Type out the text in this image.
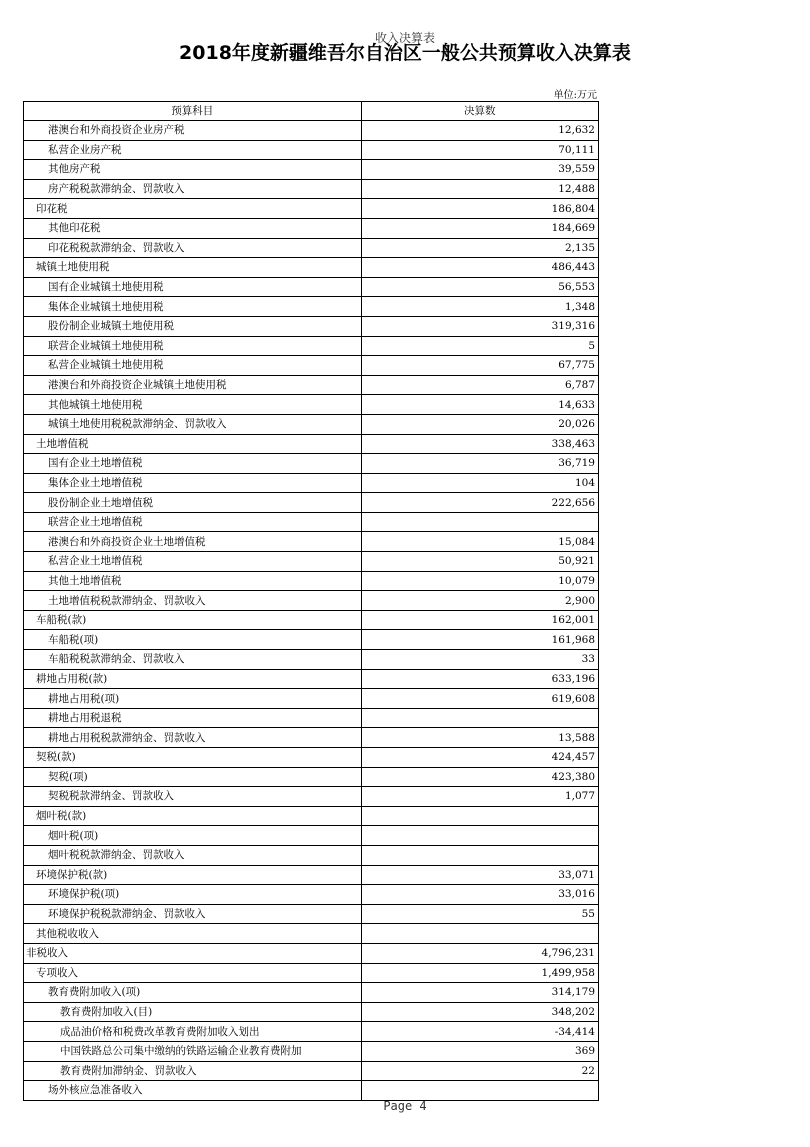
收入决算表
2018年度新疆维吾尔自治区一般公共预算收入决算表
单位:万元
预算科目	决算数
港澳台和外商投资企业房产税	12,632
私营企业房产税	70,111
其他房产税	39,559
房产税税款滞纳金、罚款收入	12,488
印花税	186,804
其他印花税	184,669
印花税税款滞纳金、罚款收入	2,135
城镇土地使用税	486,443
国有企业城镇土地使用税	56,553
集体企业城镇土地使用税	1,348
股份制企业城镇土地使用税	319,316
联营企业城镇土地使用税	5
私营企业城镇土地使用税	67,775
港澳台和外商投资企业城镇土地使用税	6,787
其他城镇土地使用税	14,633
城镇土地使用税税款滞纳金、罚款收入	20,026
土地增值税	338,463
国有企业土地增值税	36,719
集体企业土地增值税	104
股份制企业土地增值税	222,656
联营企业土地增值税	
港澳台和外商投资企业土地增值税	15,084
私营企业土地增值税	50,921
其他土地增值税	10,079
土地增值税税款滞纳金、罚款收入	2,900
车船税(款)	162,001
车船税(项)	161,968
车船税税款滞纳金、罚款收入	33
耕地占用税(款)	633,196
耕地占用税(项)	619,608
耕地占用税退税	
耕地占用税税款滞纳金、罚款收入	13,588
契税(款)	424,457
契税(项)	423,380
契税税款滞纳金、罚款收入	1,077
烟叶税(款)	
烟叶税(项)	
烟叶税税款滞纳金、罚款收入	
环境保护税(款)	33,071
环境保护税(项)	33,016
环境保护税税款滞纳金、罚款收入	55
其他税收收入	
非税收入	4,796,231
专项收入	1,499,958
教育费附加收入(项)	314,179
教育费附加收入(目)	348,202
成品油价格和税费改革教育费附加收入划出	-34,414
中国铁路总公司集中缴纳的铁路运输企业教育费附加	369
教育费附加滞纳金、罚款收入	22
场外核应急准备收入	
Page 4
